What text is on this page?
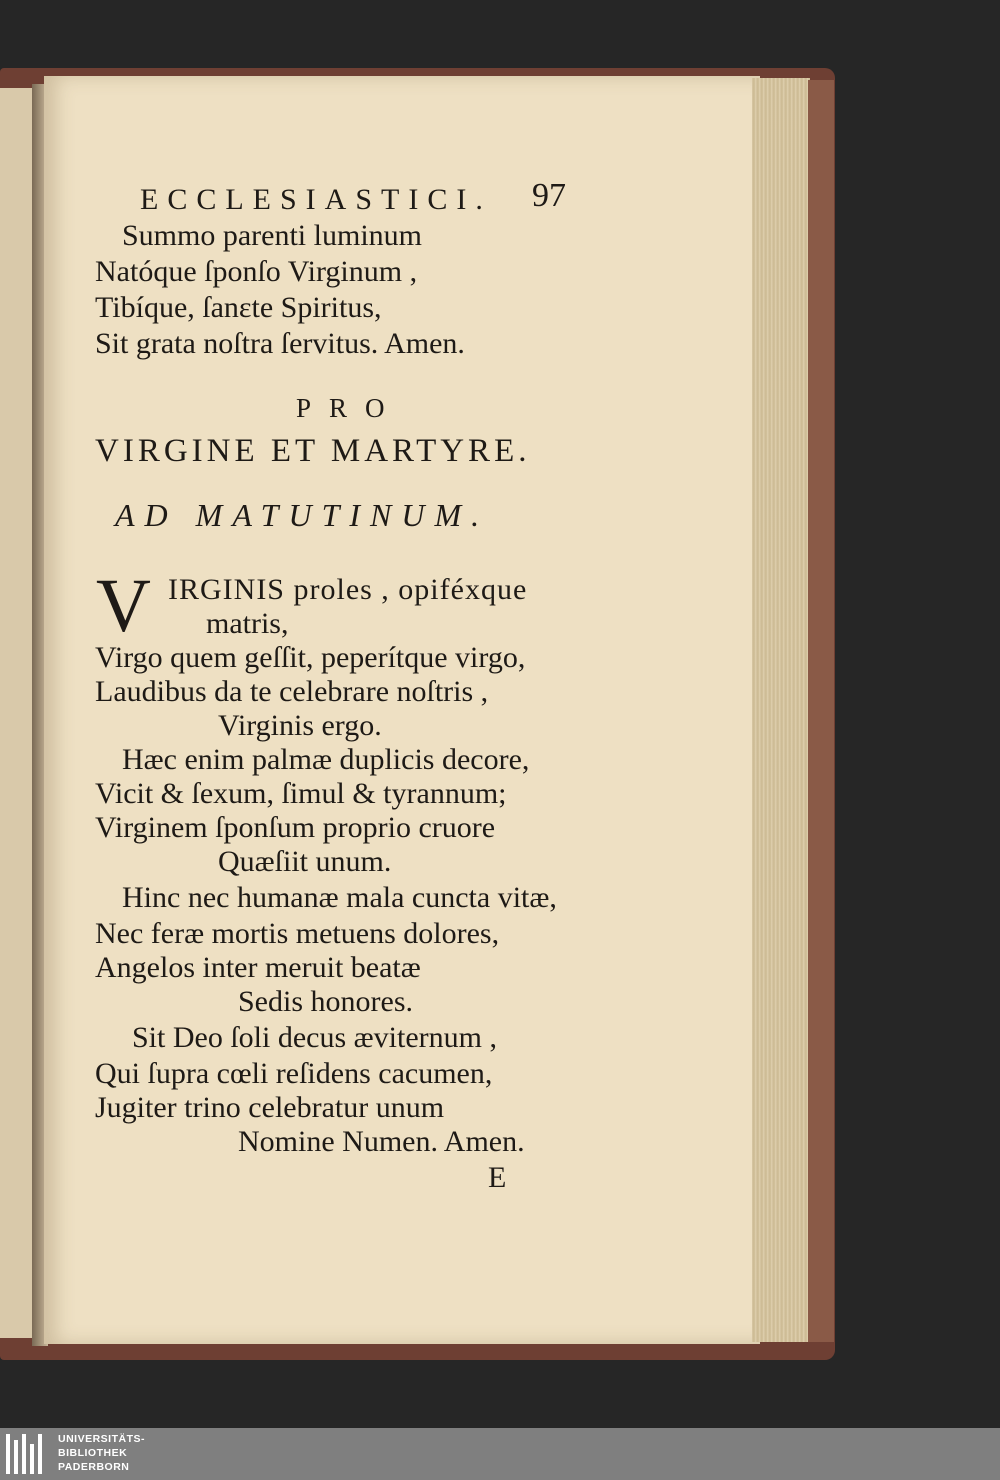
ECCLESIASTICI. 97
Summo parenti luminum
Natóque ſponſo Virginum ,
Tibíque, ſanɛte Spiritus,
Sit grata noſtra ſervitus. Amen.
PRO
VIRGINE ET MARTYRE.
AD MATUTINUM.
V IRGINIS proles , opiféxque
matris,
Virgo quem geſſit, peperítque virgo,
Laudibus da te celebrare noſtris ,
Virginis ergo.
Hæc enim palmæ duplicis decore,
Vicit & ſexum, ſimul & tyrannum;
Virginem ſponſum proprio cruore
Quæſiit unum.
Hinc nec humanæ mala cuncta vitæ,
Nec feræ mortis metuens dolores,
Angelos inter meruit beatæ
Sedis honores.
Sit Deo ſoli decus æviternum ,
Qui ſupra cœli reſidens cacumen,
Jugiter trino celebratur unum
Nomine Numen. Amen.
E
UNIVERSITÄTS-
BIBLIOTHEK
PADERBORN
